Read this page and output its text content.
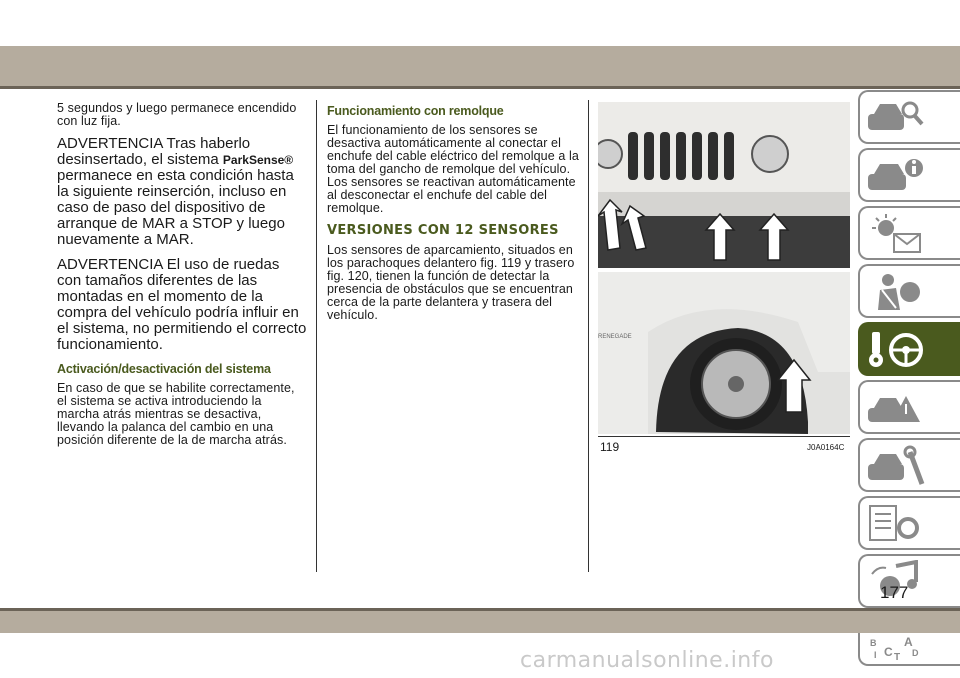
5 segundos y luego permanece encendido con luz fija.

ADVERTENCIA Tras haberlo desinsertado, el sistema ParkSense® permanece en esta condición hasta la siguiente reinserción, incluso en caso de paso del dispositivo de arranque de MAR a STOP y luego nuevamente a MAR.

ADVERTENCIA El uso de ruedas con tamaños diferentes de las montadas en el momento de la compra del vehículo podría influir en el sistema, no permitiendo el correcto funcionamiento.

Activación/desactivación del sistema

En caso de que se habilite correctamente, el sistema se activa introduciendo la marcha atrás mientras se desactiva, llevando la palanca del cambio en una posición diferente de la de marcha atrás.

Funcionamiento con remolque

El funcionamiento de los sensores se desactiva automáticamente al conectar el enchufe del cable eléctrico del remolque a la toma del gancho de remolque del vehículo. Los sensores se reactivan automáticamente al desconectar el enchufe del cable del remolque.

VERSIONES CON 12 SENSORES

Los sensores de aparcamiento, situados en los parachoques delantero fig. 119 y trasero fig. 120, tienen la función de detectar la presencia de obstáculos que se encuentran cerca de la parte delantera y trasera del vehículo.

RENEGADE
119	J0A0164C
B A
I C T D
177
carmanualsonline.info
